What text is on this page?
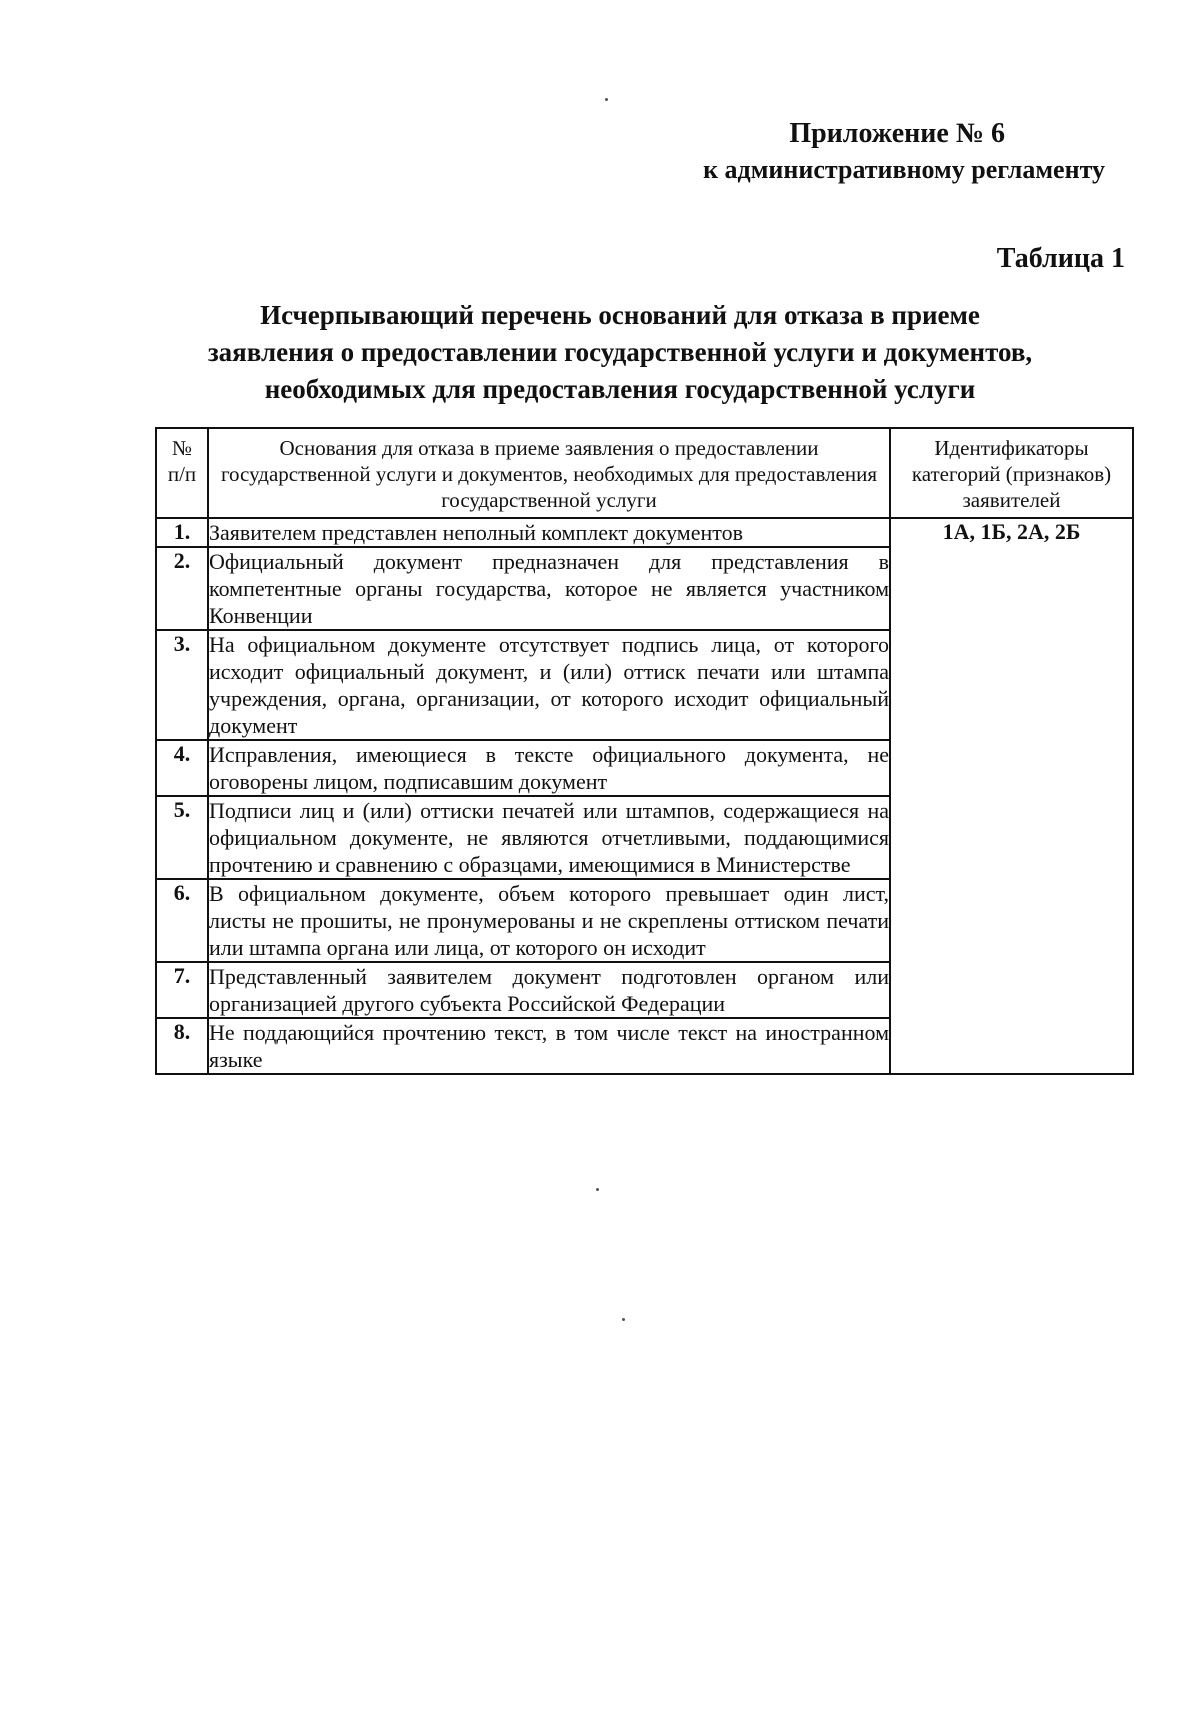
Приложение № 6
к административному регламенту
Таблица 1
Исчерпывающий перечень оснований для отказа в приеме
заявления о предоставлении государственной услуги и документов,
необходимых для предоставления государственной услуги
№ п/п	Основания для отказа в приеме заявления о предоставлении государственной услуги и документов, необходимых для предоставления государственной услуги	Идентификаторы категорий (признаков) заявителей
1.	Заявителем представлен неполный комплект документов	1А, 1Б, 2А, 2Б
2.	Официальный документ предназначен для представления в компетентные органы государства, которое не является участником Конвенции	
3.	На официальном документе отсутствует подпись лица, от которого исходит официальный документ, и (или) оттиск печати или штампа учреждения, органа, организации, от которого исходит официальный документ	
4.	Исправления, имеющиеся в тексте официального документа, не оговорены лицом, подписавшим документ	
5.	Подписи лиц и (или) оттиски печатей или штампов, содержащиеся на официальном документе, не являются отчетливыми, поддающимися прочтению и сравнению с образцами, имеющимися в Министерстве	
6.	В официальном документе, объем которого превышает один лист, листы не прошиты, не пронумерованы и не скреплены оттиском печати или штампа органа или лица, от которого он исходит	
7.	Представленный заявителем документ подготовлен органом или организацией другого субъекта Российской Федерации	
8.	Не поддающийся прочтению текст, в том числе текст на иностранном языке	
